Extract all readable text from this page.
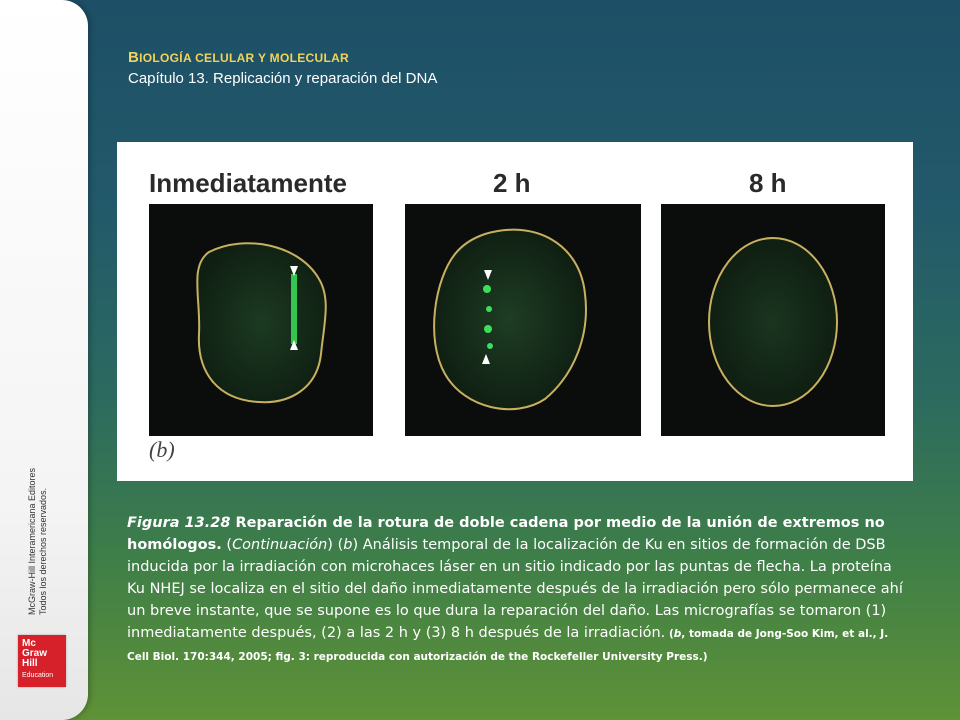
McGraw-Hill Interamericana Editores Todos los derechos reservados.
Mc
Graw
Hill
Education
BIOLOGÍA CELULAR Y MOLECULAR
Capítulo 13. Replicación y reparación del DNA
Inmediatamente	2 h	8 h
(b)
Figura 13.28 Reparación de la rotura de doble cadena por medio de la unión de extremos no homólogos. (Continuación) (b) Análisis temporal de la localización de Ku en sitios de formación de DSB inducida por la irradiación con microhaces láser en un sitio indicado por las puntas de flecha. La proteína Ku NHEJ se localiza en el sitio del daño inmediatamente después de la irradiación pero sólo permanece ahí un breve instante, que se supone es lo que dura la reparación del daño. Las micrografías se tomaron (1) inmediatamente después, (2) a las 2 h y (3) 8 h después de la irradiación. (b, tomada de Jong-Soo Kim, et al., J. Cell Biol. 170:344, 2005; fig. 3: reproducida con autorización de the Rockefeller University Press.)
